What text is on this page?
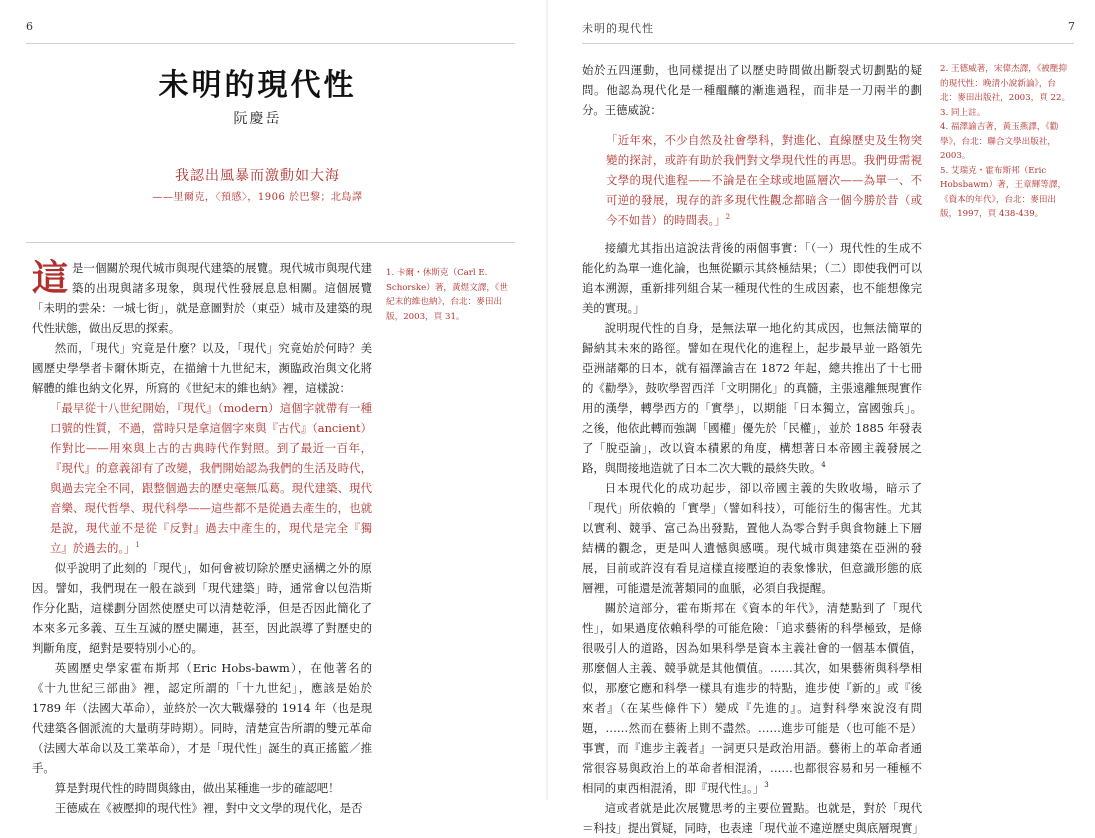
6
未明的現代性
阮慶岳
我認出風暴而激動如大海
——里爾克，〈預感〉，1906 於巴黎；北島譯

這是一個關於現代城市與現代建築的展覽。現代城市與現代建築的出現與諸多現象，與現代性發展息息相關。這個展覽「未明的雲朵：一城七街」，就是意圖對於（東亞）城市及建築的現代性狀態，做出反思的探索。

然而，「現代」究竟是什麼？以及，「現代」究竟始於何時？美國歷史學學者卡爾休斯克，在描繪十九世紀末，瀕臨政治與文化將解體的維也納文化界，所寫的《世紀末的維也納》裡，這樣說：

「最早從十八世紀開始，『現代』（modern）這個字就帶有一種口號的性質，不過，當時只是拿這個字來與『古代』（ancient）作對比——用來與上古的古典時代作對照。到了最近一百年，『現代』的意義卻有了改變，我們開始認為我們的生活及時代，與過去完全不同，跟整個過去的歷史毫無瓜葛。現代建築、現代音樂、現代哲學、現代科學——這些都不是從過去產生的，也就是說，現代並不是從『反對』過去中產生的，現代是完全『獨立』於過去的。」$^1$

似乎說明了此刻的「現代」，如何會被切除於歷史涵構之外的原因。譬如，我們現在一般在談到「現代建築」時，通常會以包浩斯作分化點，這樣劃分固然使歷史可以清楚乾淨，但是否因此簡化了本來多元多義、互生互滅的歷史關連，甚至，因此誤導了對歷史的判斷角度，絕對是要特別小心的。

英國歷史學家霍布斯邦（Eric Hobs-bawm），在他著名的《十九世紀三部曲》裡，認定所謂的「十九世紀」，應該是始於 1789 年（法國大革命），並終於一次大戰爆發的 1914 年（也是現代建築各個派流的大量萌芽時期）。同時，清楚宣告所謂的雙元革命（法國大革命以及工業革命），才是「現代性」誕生的真正搖籃／推手。

算是對現代性的時間與緣由，做出某種進一步的確認吧！

王德威在《被壓抑的現代性》裡，對中文文學的現代化，是否

1. 卡爾・休斯克（Carl E. Schorske）著，黃煜文譯，《世紀末的維也納》，台北：麥田出版，2003，頁 31。
未明的現代性	7

始於五四運動，也同樣提出了以歷史時間做出斷裂式切劃點的疑問。他認為現代化是一種醞釀的漸進過程，而非是一刀兩半的劃分。王德威說：

「近年來，不少自然及社會學科，對進化、直線歷史及生物突變的探討，或許有助於我們對文學現代性的再思。我們毋需視文學的現代進程——不論是在全球或地區層次——為單一、不可逆的發展，現存的許多現代性觀念都暗含一個今勝於昔（或今不如昔）的時間表。」$^2$

接續尤其指出這說法背後的兩個事實：「（一）現代性的生成不能化約為單一進化論，也無從顯示其終極結果；（二）即使我們可以追本溯源，重新排列組合某一種現代性的生成因素，也不能想像完美的實現。」

說明現代性的自身，是無法單一地化約其成因，也無法簡單的歸納其未來的路徑。譬如在現代化的進程上，起步最早並一路領先亞洲諸鄰的日本，就有福澤諭吉在 1872 年起，總共推出了十七冊的《勸學》，鼓吹學習西洋「文明開化」的真髓，主張遠離無現實作用的漢學，轉學西方的「實學」，以期能「日本獨立，富國強兵」。之後，他依此轉而強調「國權」優先於「民權」，並於 1885 年發表了「脫亞論」，改以資本積累的角度，構想著日本帝國主義發展之路，與間接地造就了日本二次大戰的最終失敗。$^4$

日本現代化的成功起步，卻以帝國主義的失敗收場，暗示了「現代」所依賴的「實學」（譬如科技），可能衍生的傷害性。尤其以實利、競爭、富己為出發點，置他人為零合對手與食物鏈上下層結構的觀念，更是叫人遺憾與感嘆。現代城市與建築在亞洲的發展，目前或許沒有看見這樣直接壓迫的表象慘狀，但意識形態的底層裡，可能還是流著類同的血脈，必須自我提醒。

關於這部分，霍布斯邦在《資本的年代》，清楚點到了「現代性」，如果過度依賴科學的可能危險：「追求藝術的科學極致，是條很吸引人的道路，因為如果科學是資本主義社會的一個基本價值，那麼個人主義、競爭就是其他價值。……其次，如果藝術與科學相似，那麼它應和科學一樣具有進步的特點，進步使『新的』或『後來者』（在某些條件下）變成『先進的』。這對科學來說沒有問題，……然而在藝術上則不盡然。……進步可能是（也可能不是）事實，而『進步主義者』一詞更只是政治用語。藝術上的革命者通常很容易與政治上的革命者相混淆，……也都很容易和另一種極不相同的東西相混淆，即『現代性』。」$^3$

這或者就是此次展覽思考的主要位置點。也就是，對於「現代＝科技」提出質疑，同時，也表達「現代並不違逆歷史與底層現實」

2. 王德威著，宋偉杰譯，《被壓抑的現代性：晚清小說新論》，台北：麥田出版社，2003，頁 22。
3. 同上註。
4. 福澤諭吉著，黃玉燕譯，《勸學》，台北：聯合文學出版社，2003。
5. 艾瑞克・霍布斯邦（Eric Hobsbawm）著，王章輝等譯，《資本的年代》，台北：麥田出版，1997，頁 438-439。
